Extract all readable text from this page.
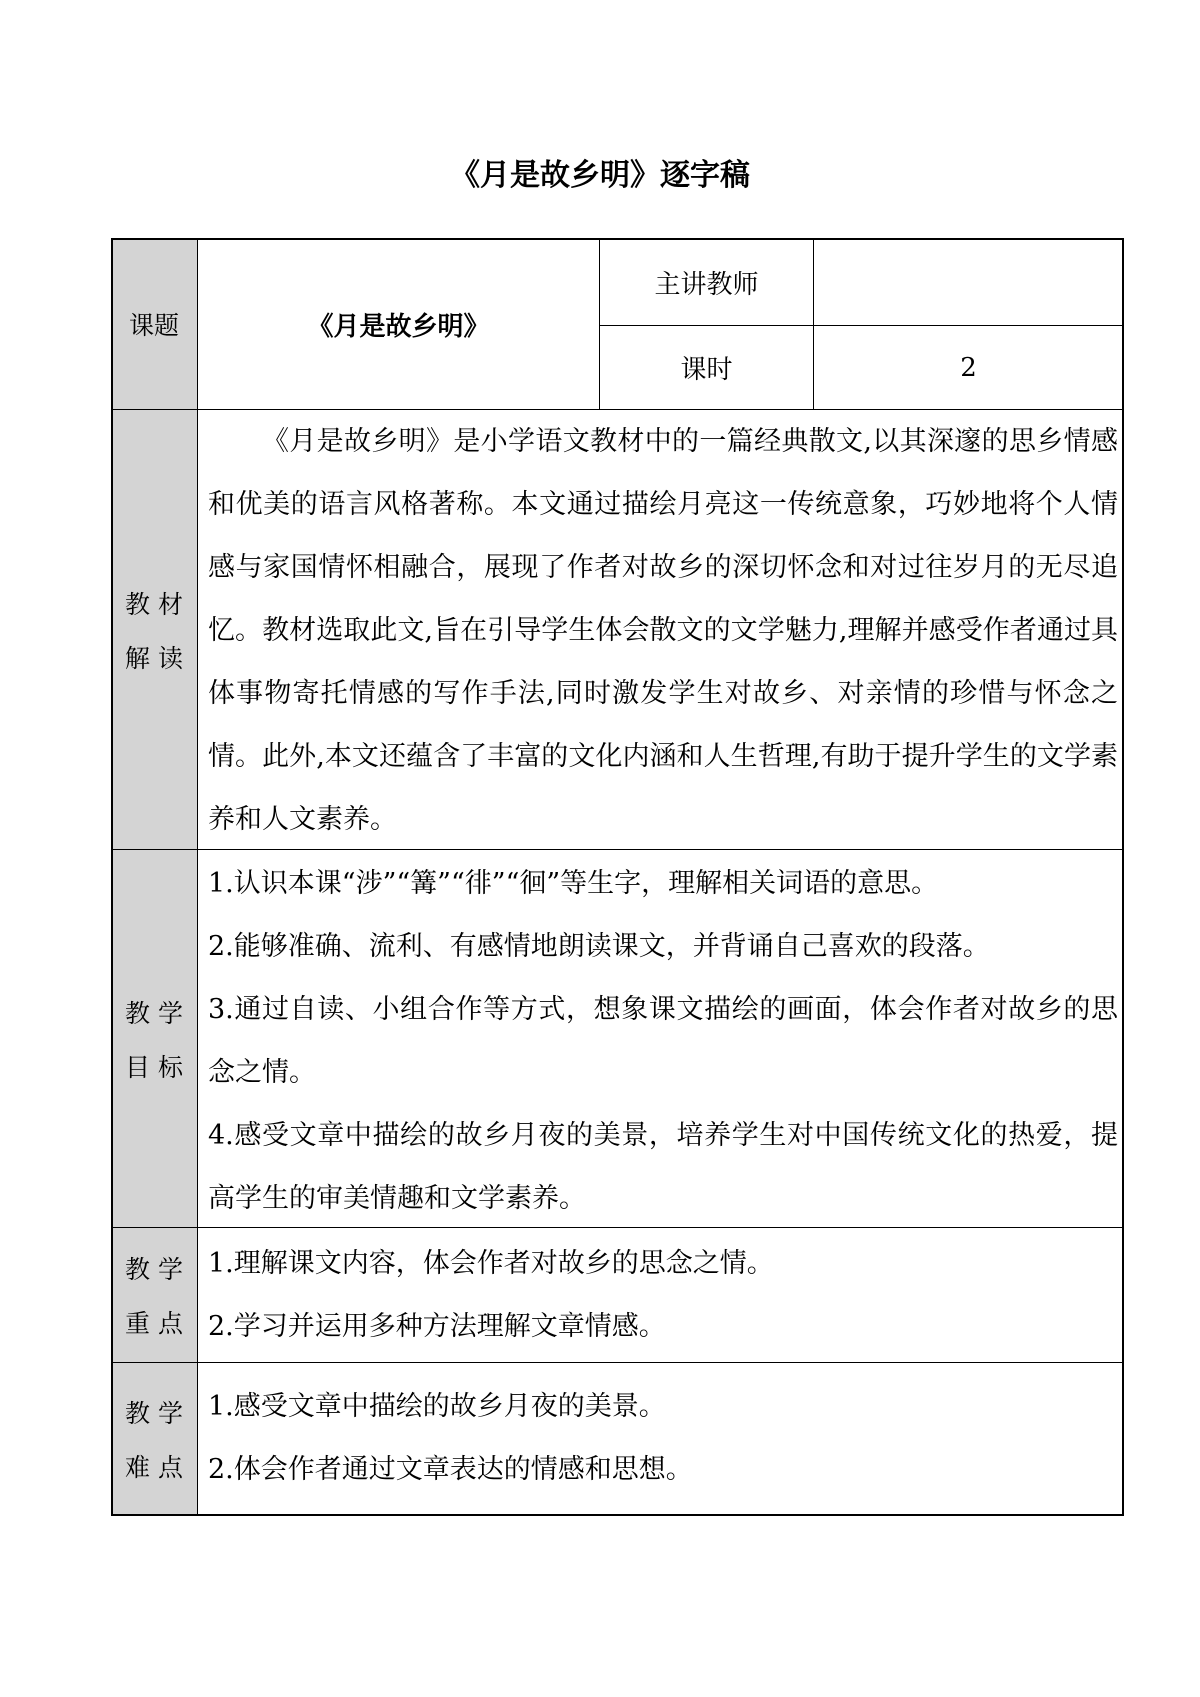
《月是故乡明》逐字稿
课题	《月是故乡明》
主讲教师
课时	2
教材
解读

《月是故乡明》是小学语文教材中的一篇经典散文,以其深邃的思乡情感和优美的语言风格著称。本文通过描绘月亮这一传统意象，巧妙地将个人情感与家国情怀相融合，展现了作者对故乡的深切怀念和对过往岁月的无尽追忆。教材选取此文,旨在引导学生体会散文的文学魅力,理解并感受作者通过具体事物寄托情感的写作手法,同时激发学生对故乡、对亲情的珍惜与怀念之情。此外,本文还蕴含了丰富的文化内涵和人生哲理,有助于提升学生的文学素养和人文素养。

教学
目标

1.认识本课“涉”“篝”“徘”“徊”等生字，理解相关词语的意思。

2.能够准确、流利、有感情地朗读课文，并背诵自己喜欢的段落。

3.通过自读、小组合作等方式，想象课文描绘的画面，体会作者对故乡的思念之情。

4.感受文章中描绘的故乡月夜的美景，培养学生对中国传统文化的热爱，提高学生的审美情趣和文学素养。

教学
重点

1.理解课文内容，体会作者对故乡的思念之情。

2.学习并运用多种方法理解文章情感。

教学
难点

1.感受文章中描绘的故乡月夜的美景。

2.体会作者通过文章表达的情感和思想。
